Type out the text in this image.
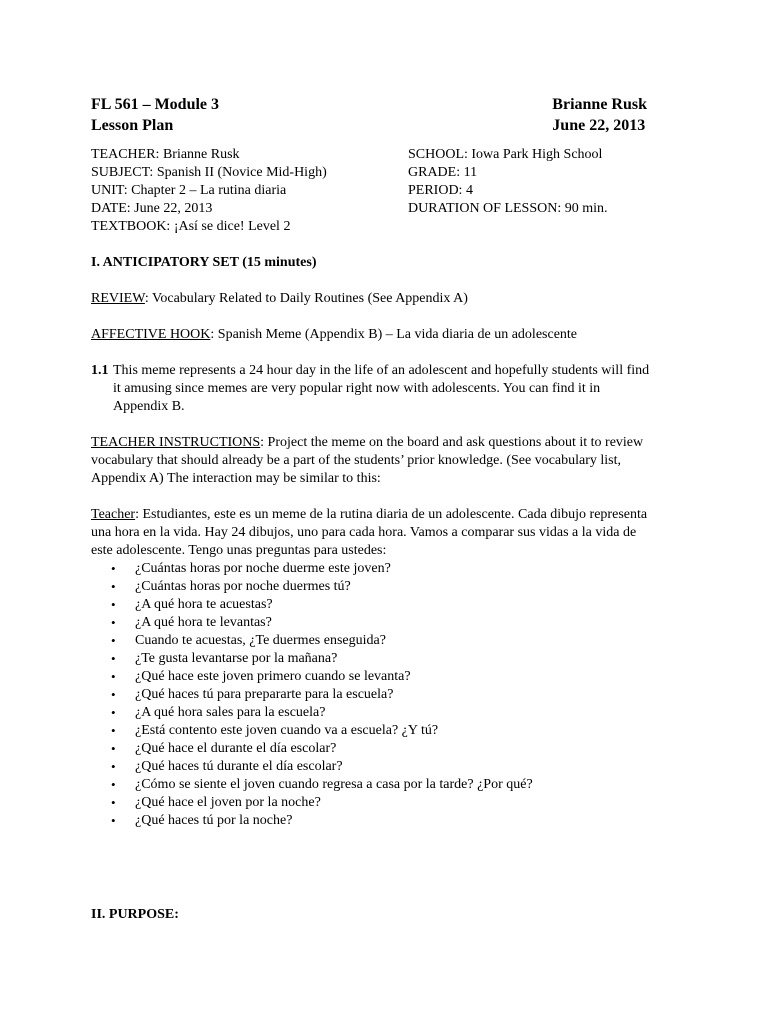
FL 561 – Module 3
Lesson Plan
Brianne Rusk
June 22, 2013
TEACHER: Brianne Rusk
SUBJECT: Spanish II (Novice Mid-High)
UNIT: Chapter 2 – La rutina diaria
DATE: June 22, 2013
TEXTBOOK: ¡Así se dice! Level 2
SCHOOL: Iowa Park High School
GRADE: 11
PERIOD: 4
DURATION OF LESSON: 90 min.
I. ANTICIPATORY SET (15 minutes)
REVIEW: Vocabulary Related to Daily Routines (See Appendix A)
AFFECTIVE HOOK: Spanish Meme (Appendix B) – La vida diaria de un adolescente
1.1 This meme represents a 24 hour day in the life of an adolescent and hopefully students will find it amusing since memes are very popular right now with adolescents. You can find it in Appendix B.
TEACHER INSTRUCTIONS: Project the meme on the board and ask questions about it to review vocabulary that should already be a part of the students’ prior knowledge. (See vocabulary list, Appendix A) The interaction may be similar to this:
Teacher: Estudiantes, este es un meme de la rutina diaria de un adolescente. Cada dibujo representa una hora en la vida. Hay 24 dibujos, uno para cada hora. Vamos a comparar sus vidas a la vida de este adolescente. Tengo unas preguntas para ustedes:
•	¿Cuántas horas por noche duerme este joven?
•	¿Cuántas horas por noche duermes tú?
•	¿A qué hora te acuestas?
•	¿A qué hora te levantas?
•	Cuando te acuestas, ¿Te duermes enseguida?
•	¿Te gusta levantarse por la mañana?
•	¿Qué hace este joven primero cuando se levanta?
•	¿Qué haces tú para prepararte para la escuela?
•	¿A qué hora sales para la escuela?
•	¿Está contento este joven cuando va a escuela? ¿Y tú?
•	¿Qué hace el durante el día escolar?
•	¿Qué haces tú durante el día escolar?
•	¿Cómo se siente el joven cuando regresa a casa por la tarde? ¿Por qué?
•	¿Qué hace el joven por la noche?
•	¿Qué haces tú por la noche?
II. PURPOSE:
